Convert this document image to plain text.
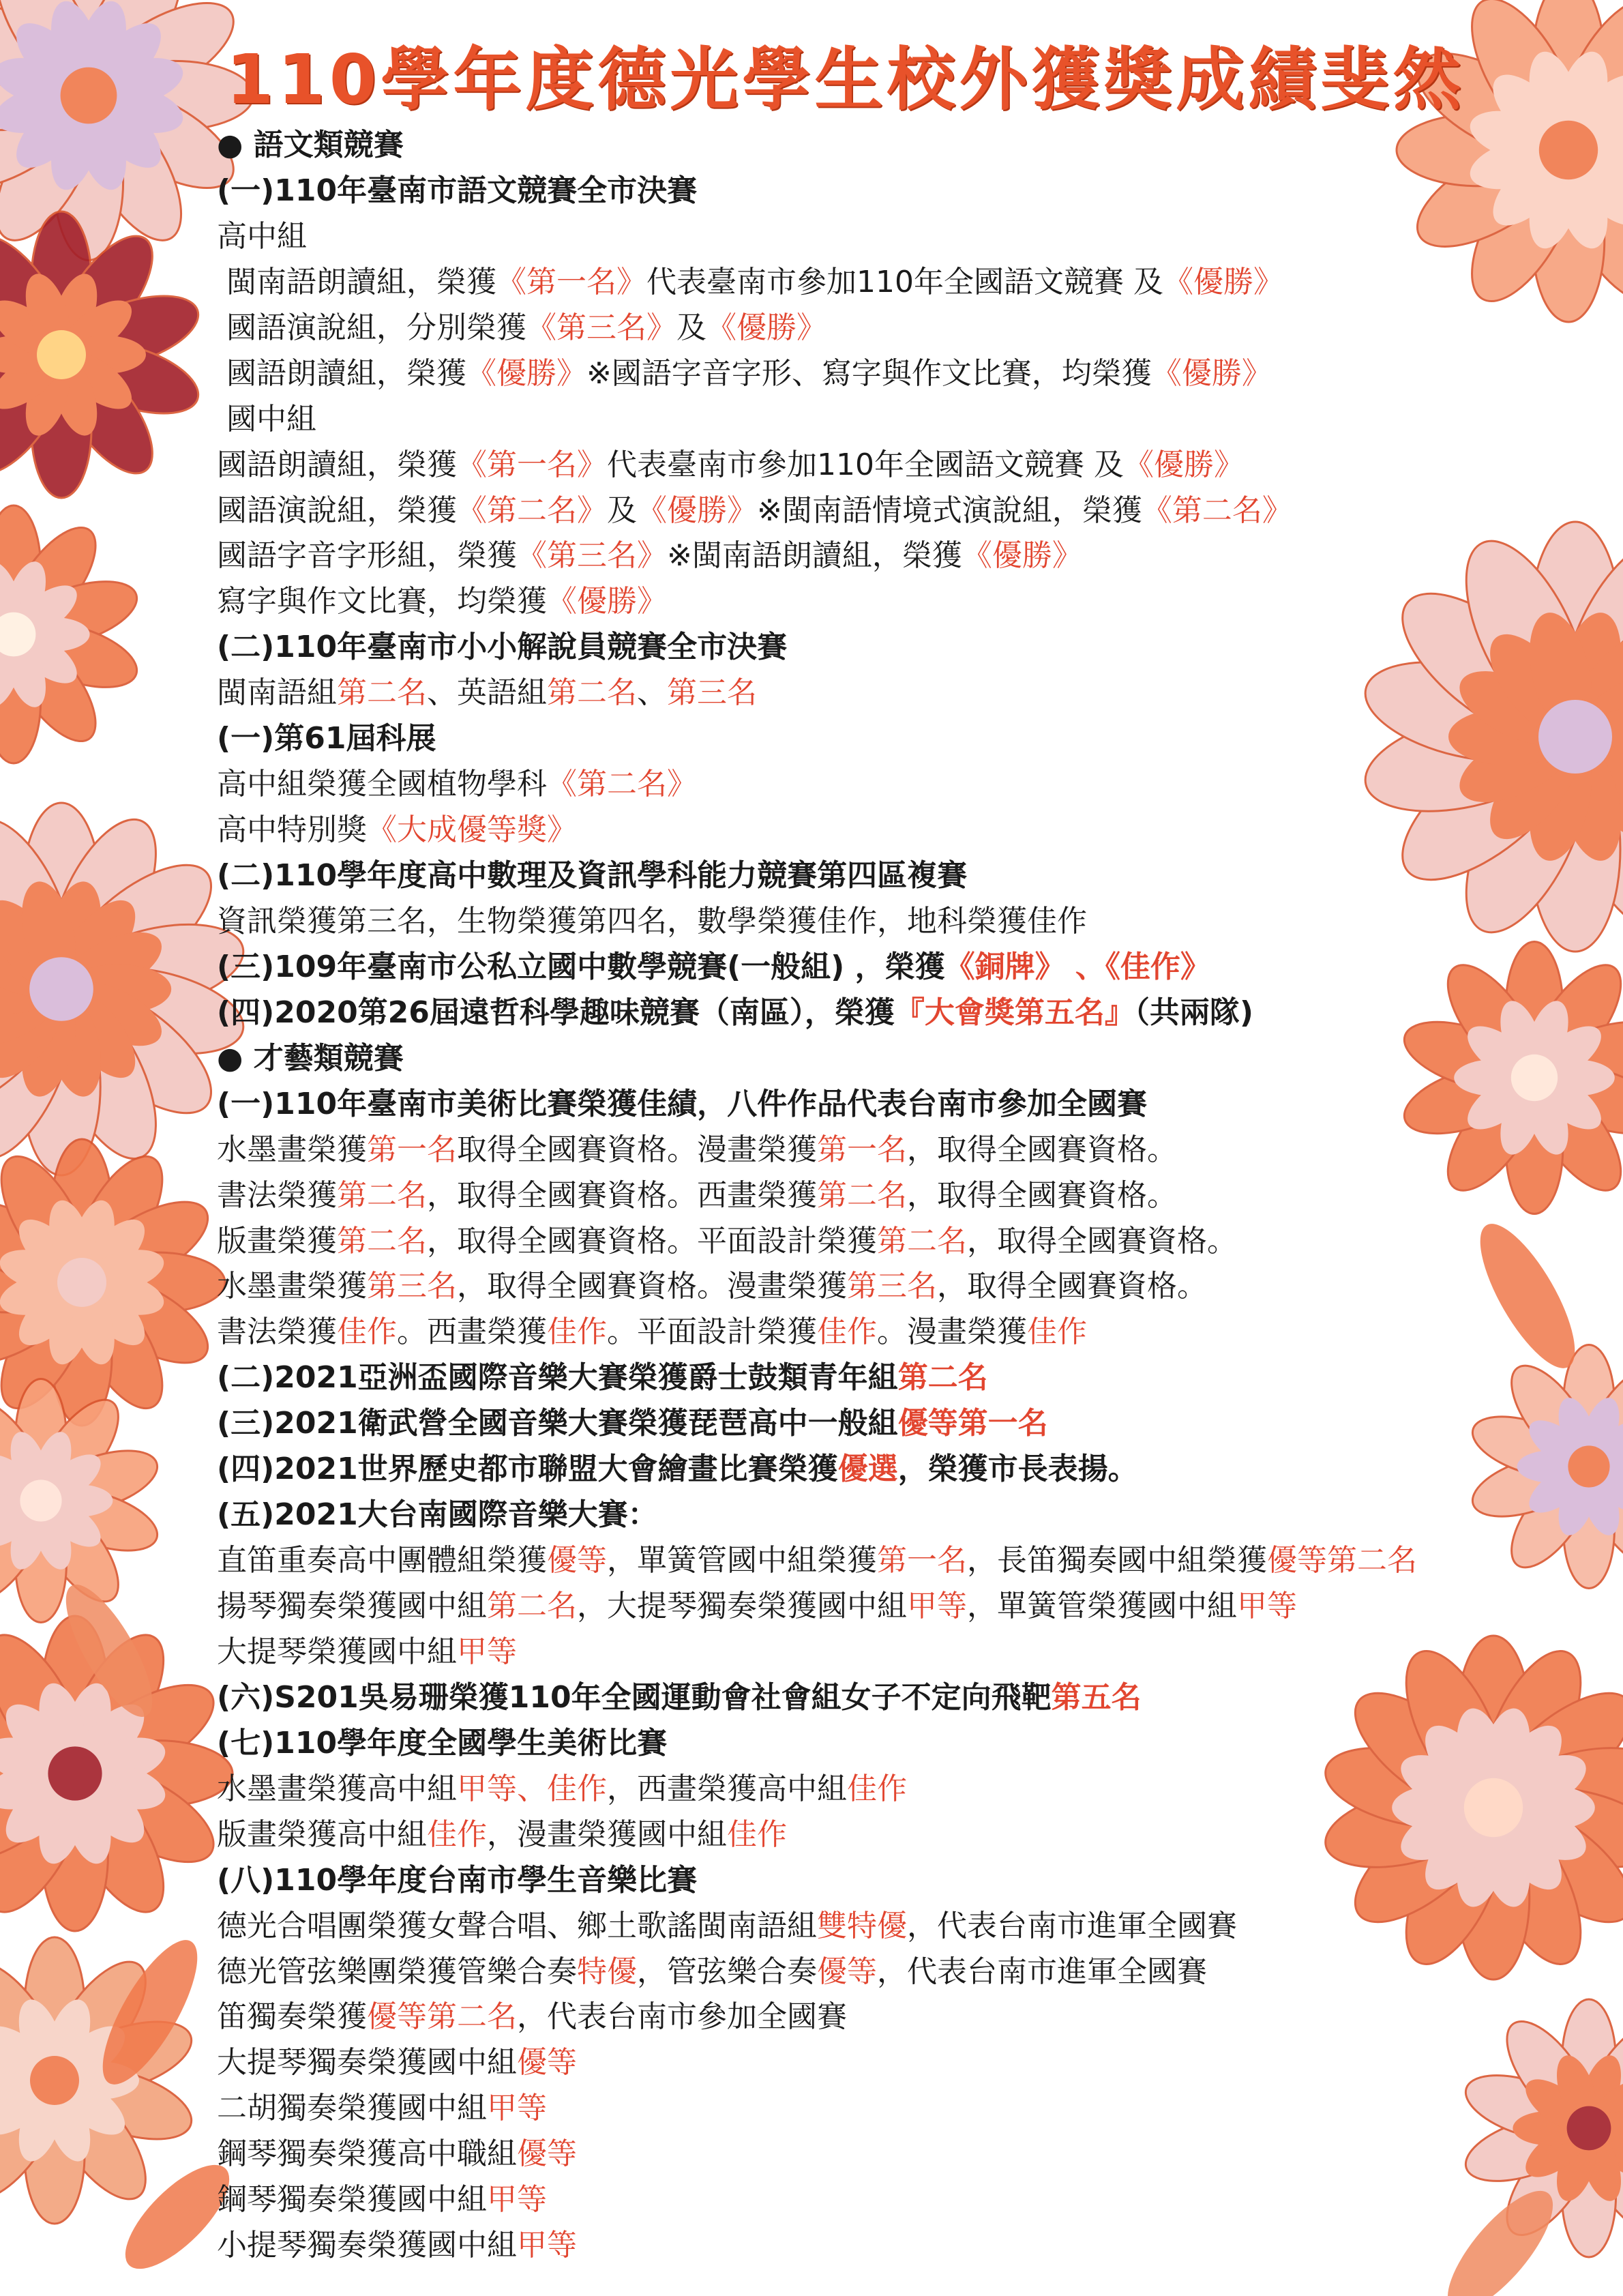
110學年度德光學生校外獲獎成績斐然
● 語文類競賽
(一)110年臺南市語文競賽全市決賽
高中組
閩南語朗讀組，榮獲《第一名》代表臺南市參加110年全國語文競賽 及《優勝》
國語演說組，分別榮獲《第三名》及《優勝》
國語朗讀組，榮獲《優勝》※國語字音字形、寫字與作文比賽，均榮獲《優勝》
國中組
國語朗讀組，榮獲《第一名》代表臺南市參加110年全國語文競賽 及《優勝》
國語演說組，榮獲《第二名》及《優勝》※閩南語情境式演說組，榮獲《第二名》
國語字音字形組，榮獲《第三名》※閩南語朗讀組，榮獲《優勝》
寫字與作文比賽，均榮獲《優勝》
(二)110年臺南市小小解說員競賽全市決賽
閩南語組第二名、英語組第二名、第三名
(一)第61屆科展
高中組榮獲全國植物學科《第二名》
高中特別獎《大成優等獎》
(二)110學年度高中數理及資訊學科能力競賽第四區複賽
資訊榮獲第三名，生物榮獲第四名，數學榮獲佳作，地科榮獲佳作
(三)109年臺南市公私立國中數學競賽(一般組) ，榮獲《銅牌》 、《佳作》
(四)2020第26屆遠哲科學趣味競賽（南區），榮獲『大會獎第五名』（共兩隊)
● 才藝類競賽
(一)110年臺南市美術比賽榮獲佳績，八件作品代表台南市參加全國賽
水墨畫榮獲第一名取得全國賽資格。漫畫榮獲第一名，取得全國賽資格。
書法榮獲第二名，取得全國賽資格。西畫榮獲第二名，取得全國賽資格。
版畫榮獲第二名，取得全國賽資格。平面設計榮獲第二名，取得全國賽資格。
水墨畫榮獲第三名，取得全國賽資格。漫畫榮獲第三名，取得全國賽資格。
書法榮獲佳作。西畫榮獲佳作。平面設計榮獲佳作。漫畫榮獲佳作
(二)2021亞洲盃國際音樂大賽榮獲爵士鼓類青年組第二名
(三)2021衛武營全國音樂大賽榮獲琵琶高中一般組優等第一名
(四)2021世界歷史都市聯盟大會繪畫比賽榮獲優選，榮獲市長表揚。
(五)2021大台南國際音樂大賽：
直笛重奏高中團體組榮獲優等，單簧管國中組榮獲第一名，長笛獨奏國中組榮獲優等第二名
揚琴獨奏榮獲國中組第二名，大提琴獨奏榮獲國中組甲等，單簧管榮獲國中組甲等
大提琴榮獲國中組甲等
(六)S201吳易珊榮獲110年全國運動會社會組女子不定向飛靶第五名
(七)110學年度全國學生美術比賽
水墨畫榮獲高中組甲等、佳作，西畫榮獲高中組佳作
版畫榮獲高中組佳作，漫畫榮獲國中組佳作
(八)110學年度台南市學生音樂比賽
德光合唱團榮獲女聲合唱、鄉土歌謠閩南語組雙特優，代表台南市進軍全國賽
德光管弦樂團榮獲管樂合奏特優，管弦樂合奏優等，代表台南市進軍全國賽
笛獨奏榮獲優等第二名，代表台南市參加全國賽
大提琴獨奏榮獲國中組優等
二胡獨奏榮獲國中組甲等
鋼琴獨奏榮獲高中職組優等
鋼琴獨奏榮獲國中組甲等
小提琴獨奏榮獲國中組甲等
